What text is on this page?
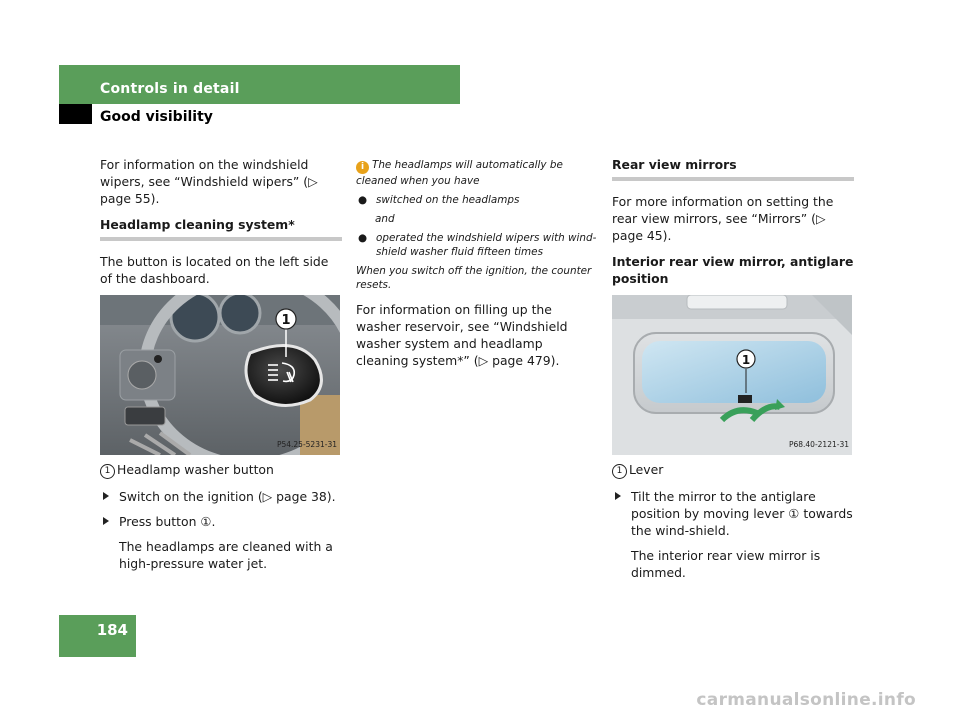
Controls in detail
Good visibility

For information on the windshield wipers, see “Windshield wipers” (▷ page 55).

Headlamp cleaning system*

The button is located on the left side of the dashboard.

1
P54.25-5231-31

1 Headlamp washer button

Switch on the ignition (▷ page 38).
Press button ①.

The headlamps are cleaned with a high-pressure water jet.

i The headlamps will automatically be cleaned when you have

● switched on the headlamps
and
● operated the windshield wipers with wind-shield washer fluid fifteen times

When you switch off the ignition, the counter resets.

For information on filling up the washer reservoir, see “Windshield washer system and headlamp cleaning system*” (▷ page 479).

Rear view mirrors

For more information on setting the rear view mirrors, see “Mirrors” (▷ page 45).

Interior rear view mirror, antiglare position

1
P68.40-2121-31

1 Lever

Tilt the mirror to the antiglare position by moving lever ① towards the wind-shield.

The interior rear view mirror is dimmed.

184
carmanualsonline.info
